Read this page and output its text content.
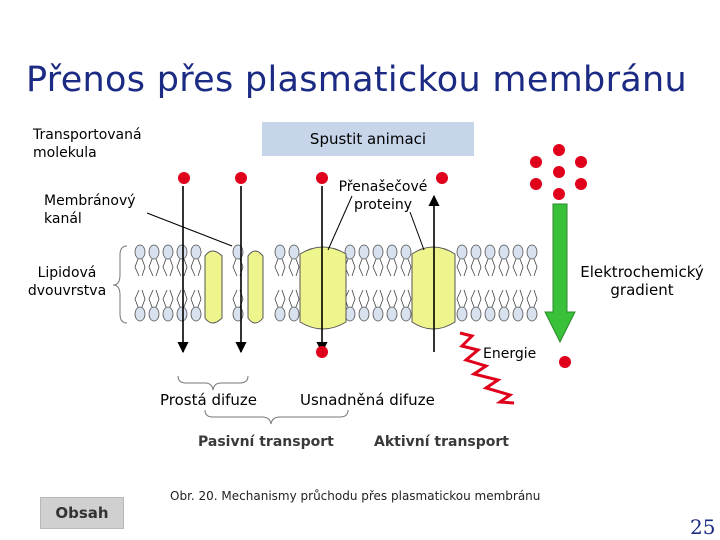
Přenos přes plasmatickou membránu
Transportovaná molekula
Spustit animaci
Membránový kanál
Přenašečové proteiny
Lipidová dvouvrstva
Elektrochemický gradient
Energie
Prostá difuze	Usnadněná difuze
Pasivní transport	Aktivní transport
Obr. 20. Mechanismy průchodu přes plasmatickou membránu
Obsah
25
